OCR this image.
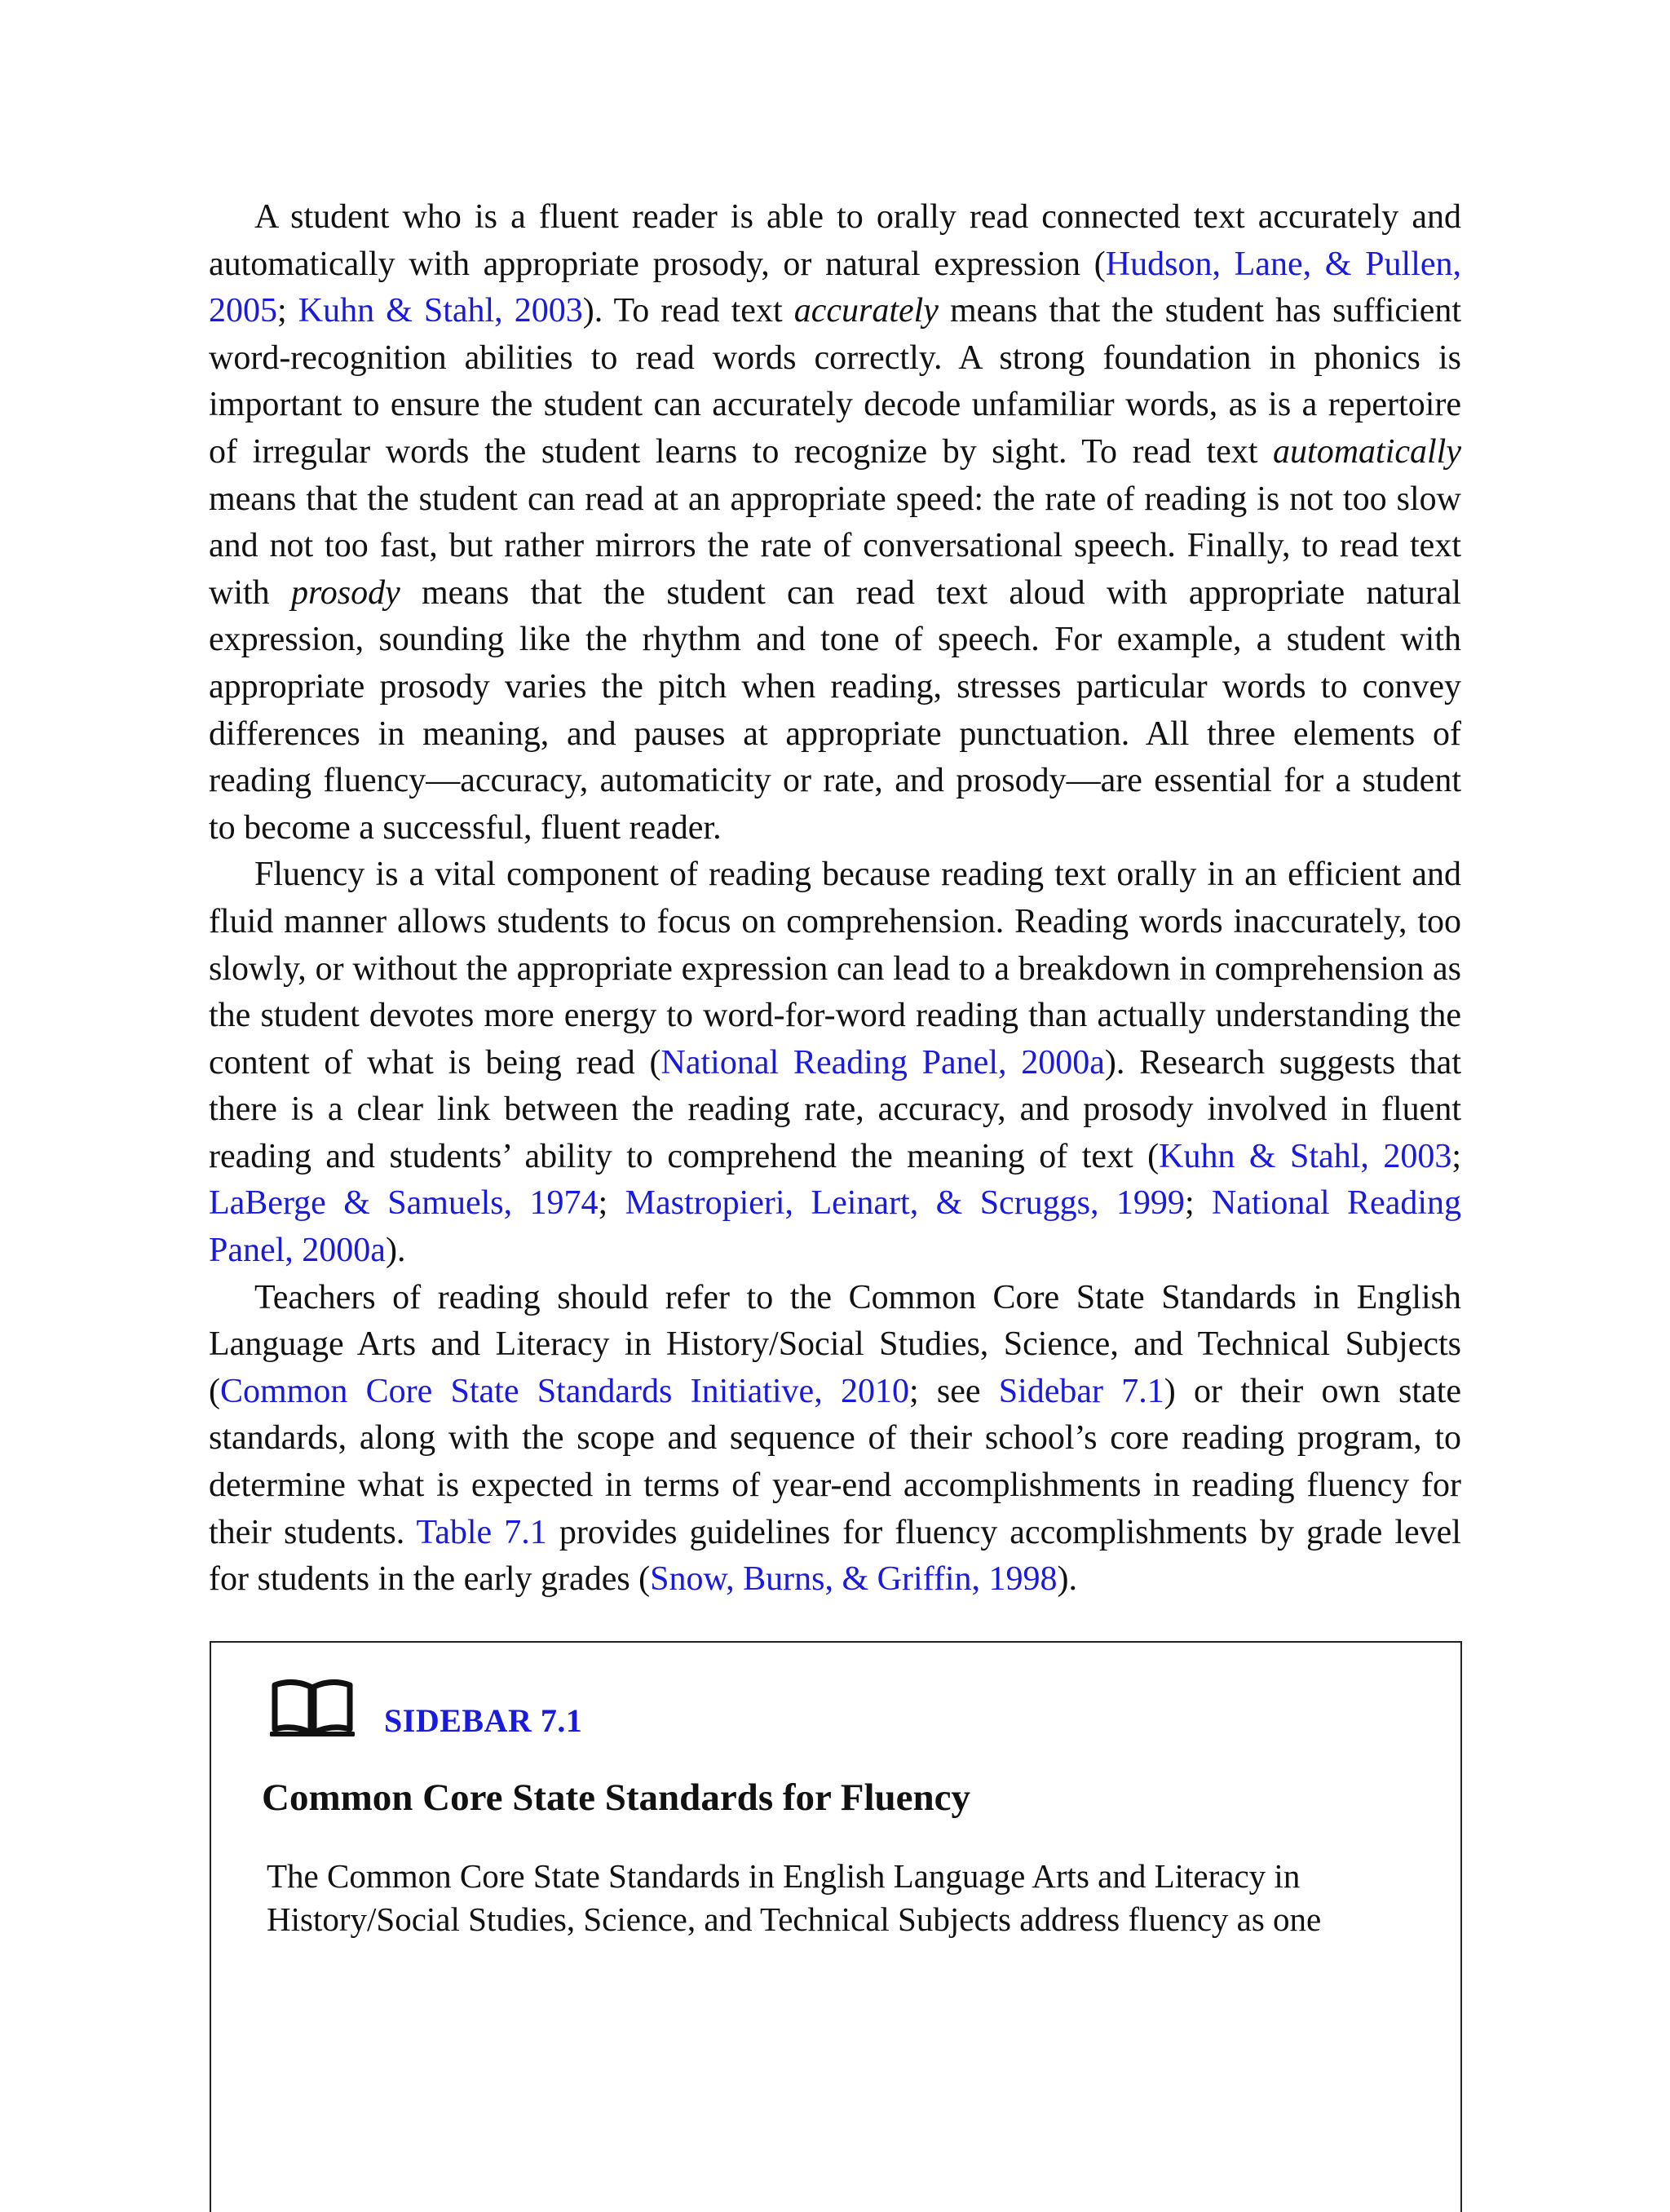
A student who is a fluent reader is able to orally read connected text accurately and automatically with appropriate prosody, or natural expression (Hudson, Lane, & Pullen, 2005; Kuhn & Stahl, 2003). To read text accurately means that the student has sufficient word-recognition abilities to read words correctly. A strong foundation in phonics is important to ensure the student can accurately decode unfamiliar words, as is a repertoire of irregular words the student learns to recognize by sight. To read text automatically means that the student can read at an appropriate speed: the rate of reading is not too slow and not too fast, but rather mirrors the rate of conversational speech. Finally, to read text with prosody means that the student can read text aloud with appropriate natural expression, sounding like the rhythm and tone of speech. For example, a student with appropriate prosody varies the pitch when reading, stresses particular words to convey differences in meaning, and pauses at appropriate punctuation. All three elements of reading fluency—accuracy, automaticity or rate, and prosody—are essential for a student to become a successful, fluent reader.

Fluency is a vital component of reading because reading text orally in an efficient and fluid manner allows students to focus on comprehension. Reading words inaccurately, too slowly, or without the appropriate expression can lead to a breakdown in comprehension as the student devotes more energy to word-for-word reading than actually understanding the content of what is being read (National Reading Panel, 2000a). Research suggests that there is a clear link between the reading rate, accuracy, and prosody involved in fluent reading and students’ ability to comprehend the meaning of text (Kuhn & Stahl, 2003; LaBerge & Samuels, 1974; Mastropieri, Leinart, & Scruggs, 1999; National Reading Panel, 2000a).

Teachers of reading should refer to the Common Core State Standards in English Language Arts and Literacy in History/Social Studies, Science, and Technical Subjects (Common Core State Standards Initiative, 2010; see Sidebar 7.1) or their own state standards, along with the scope and sequence of their school’s core reading program, to determine what is expected in terms of year-end accomplishments in reading fluency for their students. Table 7.1 provides guidelines for fluency accomplishments by grade level for students in the early grades (Snow, Burns, & Griffin, 1998).

SIDEBAR 7.1
Common Core State Standards for Fluency
The Common Core State Standards in English Language Arts and Literacy in
History/Social Studies, Science, and Technical Subjects address fluency as one
